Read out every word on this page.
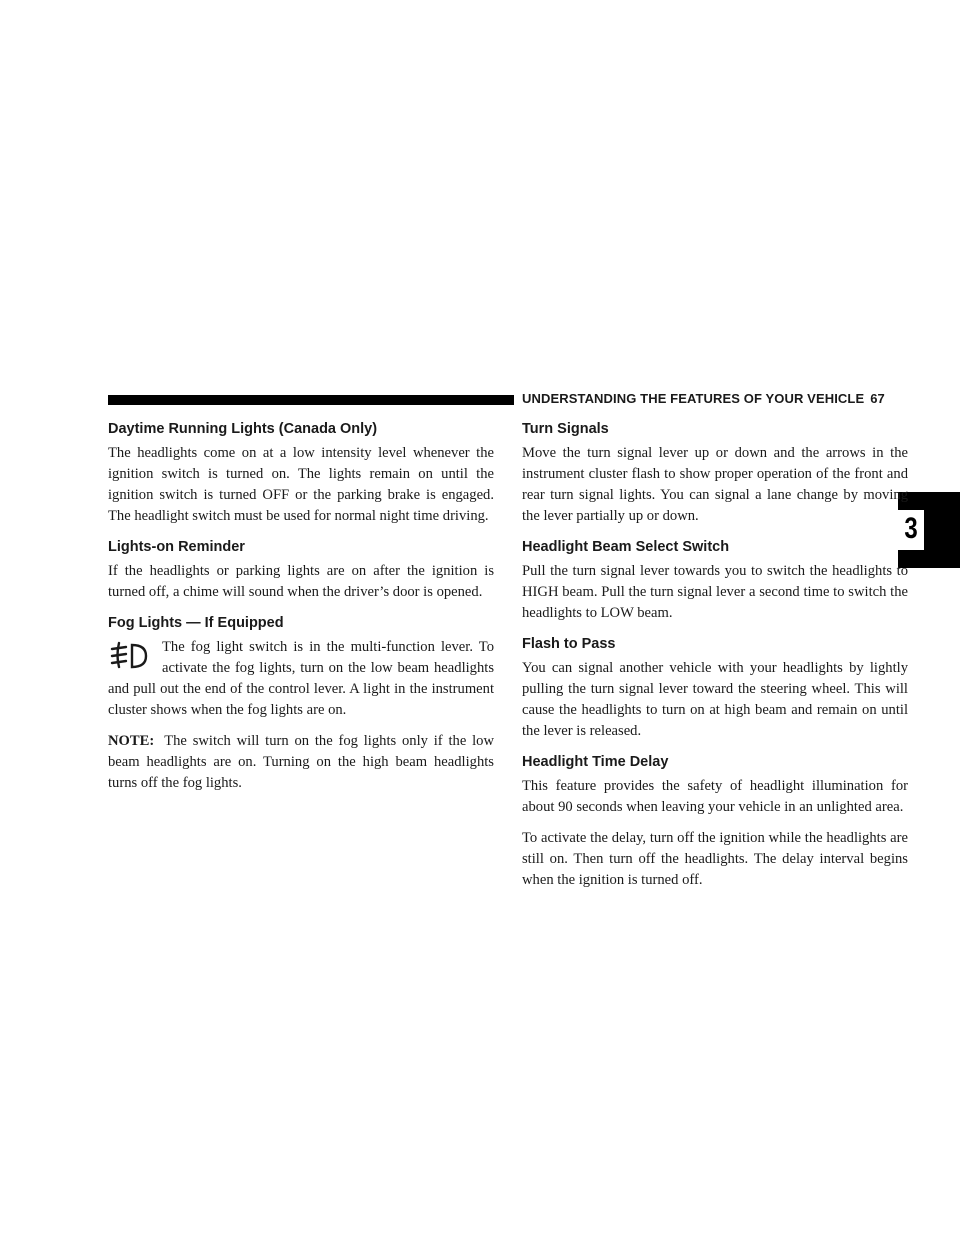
UNDERSTANDING THE FEATURES OF YOUR VEHICLE 67
3
Daytime Running Lights (Canada Only)

The headlights come on at a low intensity level whenever the ignition switch is turned on. The lights remain on until the ignition switch is turned OFF or the parking brake is engaged. The headlight switch must be used for normal night time driving.

Lights-on Reminder

If the headlights or parking lights are on after the ignition is turned off, a chime will sound when the driver’s door is opened.

Fog Lights — If Equipped

The fog light switch is in the multi-function lever. To activate the fog lights, turn on the low beam headlights and pull out the end of the control lever. A light in the instrument cluster shows when the fog lights are on.

NOTE: The switch will turn on the fog lights only if the low beam headlights are on. Turning on the high beam headlights turns off the fog lights.

Turn Signals

Move the turn signal lever up or down and the arrows in the instrument cluster flash to show proper operation of the front and rear turn signal lights. You can signal a lane change by moving the lever partially up or down.

Headlight Beam Select Switch

Pull the turn signal lever towards you to switch the headlights to HIGH beam. Pull the turn signal lever a second time to switch the headlights to LOW beam.

Flash to Pass

You can signal another vehicle with your headlights by lightly pulling the turn signal lever toward the steering wheel. This will cause the headlights to turn on at high beam and remain on until the lever is released.

Headlight Time Delay

This feature provides the safety of headlight illumination for about 90 seconds when leaving your vehicle in an unlighted area.

To activate the delay, turn off the ignition while the headlights are still on. Then turn off the headlights. The delay interval begins when the ignition is turned off.
